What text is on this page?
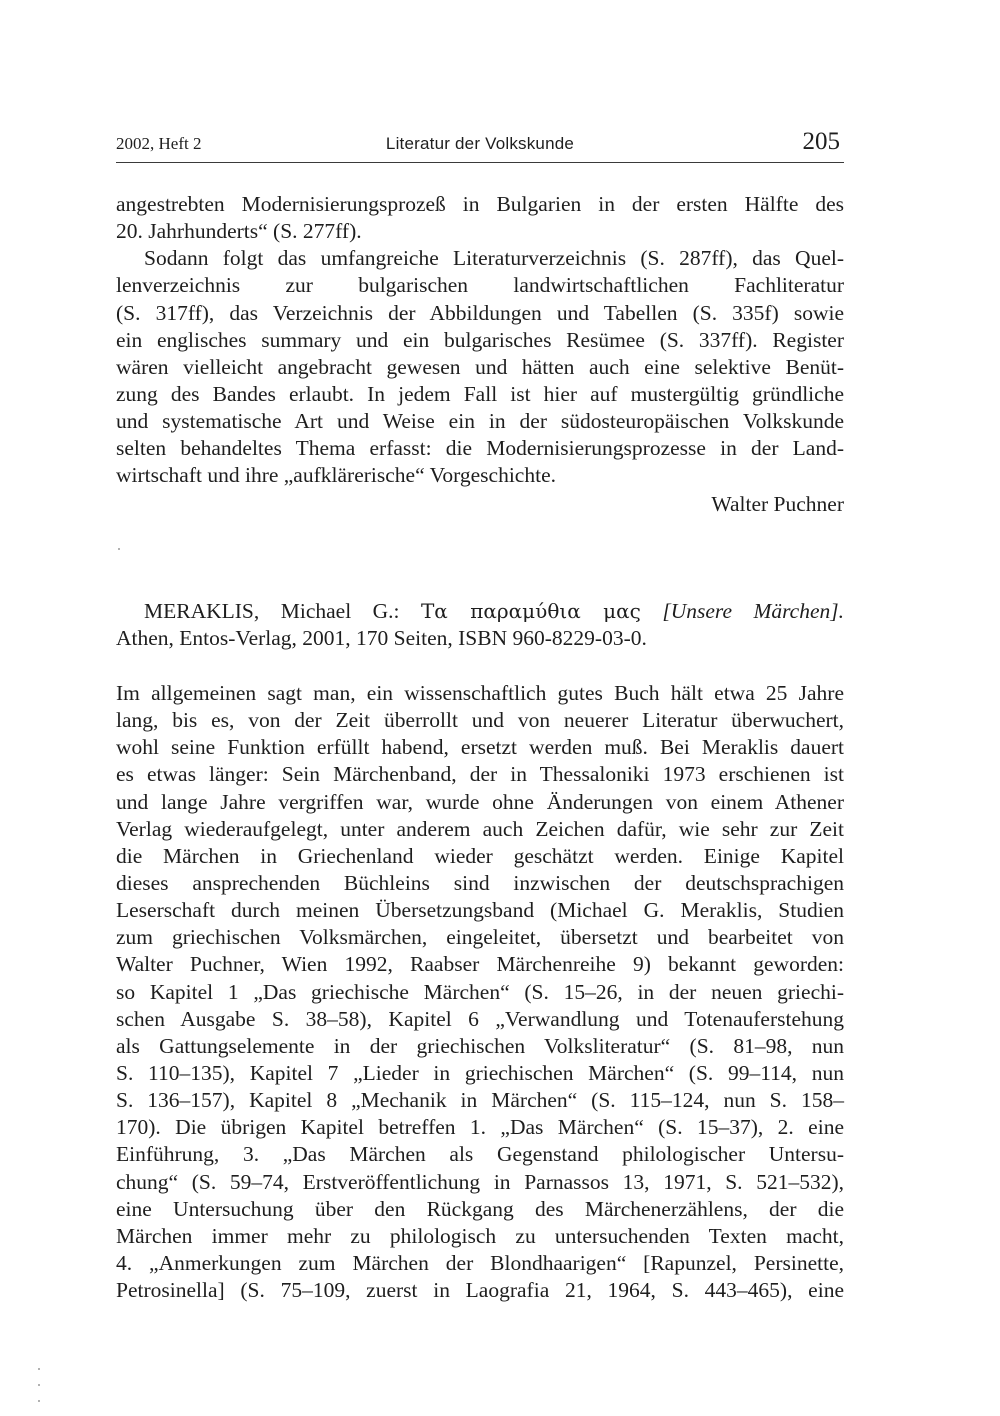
2002, Heft 2	Literatur der Volkskunde	205
angestrebten Modernisierungsprozeß in Bulgarien in der ersten Hälfte des
20. Jahrhunderts“ (S. 277ff).
Sodann folgt das umfangreiche Literaturverzeichnis (S. 287ff), das Quel-
lenverzeichnis zur bulgarischen landwirtschaftlichen Fachliteratur
(S. 317ff), das Verzeichnis der Abbildungen und Tabellen (S. 335f) sowie
ein englisches summary und ein bulgarisches Resümee (S. 337ff). Register
wären vielleicht angebracht gewesen und hätten auch eine selektive Benüt-
zung des Bandes erlaubt. In jedem Fall ist hier auf mustergültig gründliche
und systematische Art und Weise ein in der südosteuropäischen Volkskunde
selten behandeltes Thema erfasst: die Modernisierungsprozesse in der Land-
wirtschaft und ihre „aufklärerische“ Vorgeschichte.
Walter Puchner
MERAKLIS, Michael G.: Τα παραμύθια μας [Unsere Märchen].
Athen, Entos-Verlag, 2001, 170 Seiten, ISBN 960-8229-03-0.
Im allgemeinen sagt man, ein wissenschaftlich gutes Buch hält etwa 25 Jahre
lang, bis es, von der Zeit überrollt und von neuerer Literatur überwuchert,
wohl seine Funktion erfüllt habend, ersetzt werden muß. Bei Meraklis dauert
es etwas länger: Sein Märchenband, der in Thessaloniki 1973 erschienen ist
und lange Jahre vergriffen war, wurde ohne Änderungen von einem Athener
Verlag wiederaufgelegt, unter anderem auch Zeichen dafür, wie sehr zur Zeit
die Märchen in Griechenland wieder geschätzt werden. Einige Kapitel
dieses ansprechenden Büchleins sind inzwischen der deutschsprachigen
Leserschaft durch meinen Übersetzungsband (Michael G. Meraklis, Studien
zum griechischen Volksmärchen, eingeleitet, übersetzt und bearbeitet von
Walter Puchner, Wien 1992, Raabser Märchenreihe 9) bekannt geworden:
so Kapitel 1 „Das griechische Märchen“ (S. 15–26, in der neuen griechi-
schen Ausgabe S. 38–58), Kapitel 6 „Verwandlung und Totenauferstehung
als Gattungselemente in der griechischen Volksliteratur“ (S. 81–98, nun
S. 110–135), Kapitel 7 „Lieder in griechischen Märchen“ (S. 99–114, nun
S. 136–157), Kapitel 8 „Mechanik in Märchen“ (S. 115–124, nun S. 158–
170). Die übrigen Kapitel betreffen 1. „Das Märchen“ (S. 15–37), 2. eine
Einführung, 3. „Das Märchen als Gegenstand philologischer Untersu-
chung“ (S. 59–74, Erstveröffentlichung in Parnassos 13, 1971, S. 521–532),
eine Untersuchung über den Rückgang des Märchenerzählens, der die
Märchen immer mehr zu philologisch zu untersuchenden Texten macht,
4. „Anmerkungen zum Märchen der Blondhaarigen“ [Rapunzel, Persinette,
Petrosinella] (S. 75–109, zuerst in Laografia 21, 1964, S. 443–465), eine
